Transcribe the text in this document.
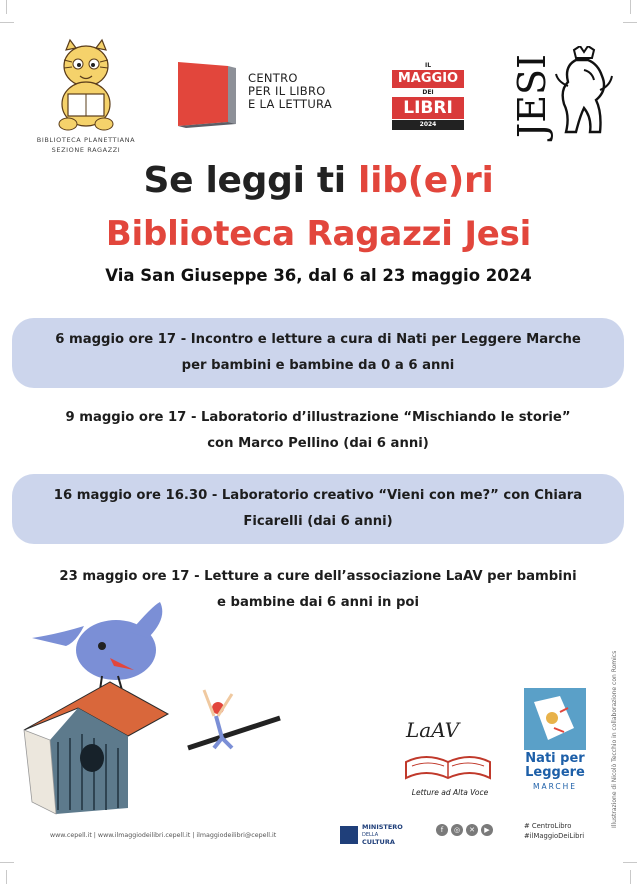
BIBLIOTECA PLANETTIANA
SEZIONE RAGAZZI
CENTRO
PER IL LIBRO
E LA LETTURA
IL
MAGGIO
DEI
LIBRI
2024	JESI
Se leggi ti lib(e)ri
Biblioteca Ragazzi Jesi
Via San Giuseppe 36, dal 6 al 23 maggio 2024
6 maggio ore 17 - Incontro e letture a cura di Nati per Leggere Marche
per bambini e bambine da 0 a 6 anni
9 maggio ore 17 - Laboratorio d’illustrazione “Mischiando le storie”
con Marco Pellino (dai 6 anni)
16 maggio ore 16.30 - Laboratorio creativo “Vieni con me?” con Chiara
Ficarelli (dai 6 anni)
23 maggio ore 17 - Letture a cure dell’associazione LaAV per bambini
e bambine dai 6 anni in poi
LaAV
Letture ad Alta Voce
Nati per
Leggere
MARCHE	Illustrazione di Nicolò Tecchio in collaborazione con Romics
www.cepell.it | www.ilmaggiodeilibri.cepell.it | ilmaggiodeilibri@cepell.it
MINISTERO
DELLA
CULTURA
f	◎	✕	▶	# CentroLibro
#ilMaggioDeiLibri
